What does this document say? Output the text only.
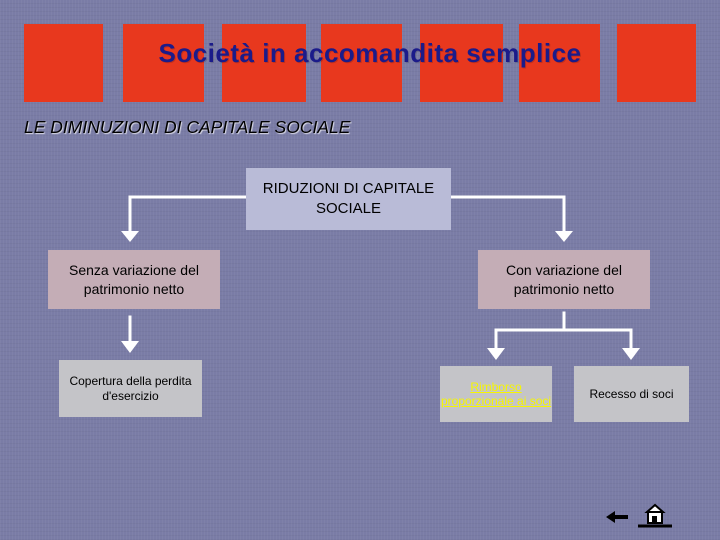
Società in accomandita semplice
LE DIMINUZIONI DI CAPITALE SOCIALE
RIDUZIONI DI CAPITALE SOCIALE
Senza variazione del patrimonio netto
Con variazione del patrimonio netto
Copertura della perdita d'esercizio
Rimborso proporzionale ai soci
Recesso di soci
